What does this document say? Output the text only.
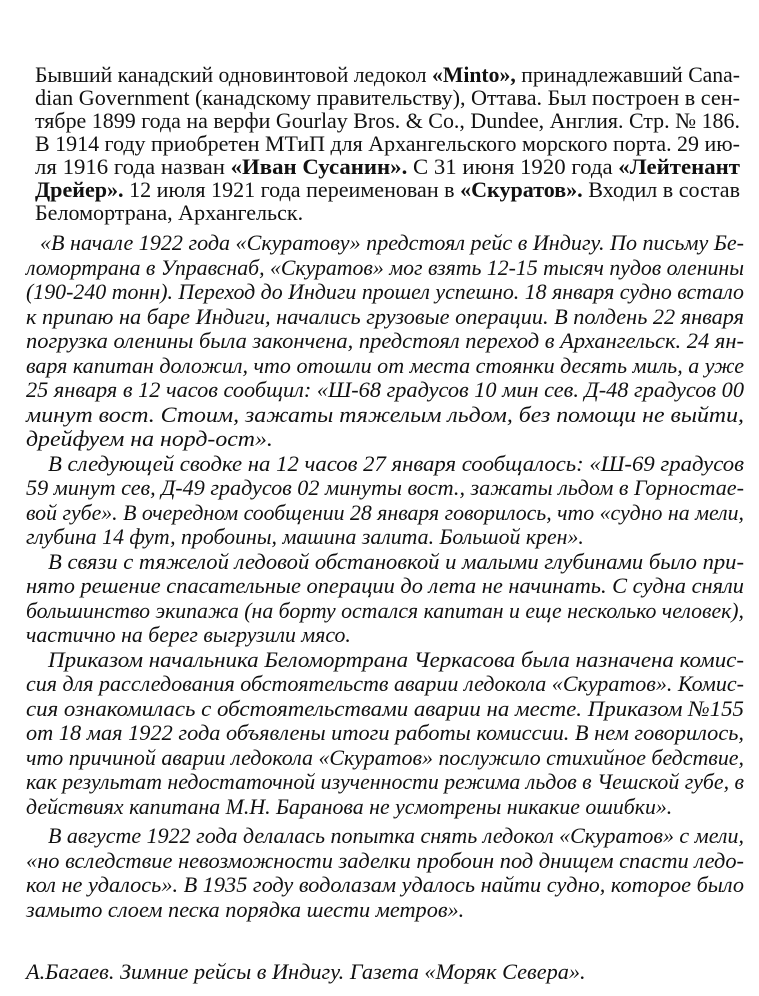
Бывший канадский одновинтовой ледокол «Minto», принадлежавший Cana-
dian Government (канадскому правительству), Оттава. Был построен в сен-
тябре 1899 года на верфи Gourlay Bros. & Co., Dundee, Англия. Стр. № 186.
В 1914 году приобретен МТиП для Архангельского морского порта. 29 ию-
ля 1916 года назван «Иван Сусанин». С 31 июня 1920 года «Лейтенант
Дрейер». 12 июля 1921 года переименован в «Скуратов». Входил в состав
Беломортрана, Архангельск.
«В начале 1922 года «Скуратову» предстоял рейс в Индигу. По письму Бе-
ломортрана в Управснаб, «Скуратов» мог взять 12-15 тысяч пудов оленины
(190-240 тонн). Переход до Индиги прошел успешно. 18 января судно встало
к припаю на баре Индиги, начались грузовые операции. В полдень 22 января
погрузка оленины была закончена, предстоял переход в Архангельск. 24 ян-
варя капитан доложил, что отошли от места стоянки десять миль, а уже
25 января в 12 часов сообщил: «Ш-68 градусов 10 мин сев. Д-48 градусов 00
минут вост. Стоим, зажаты тяжелым льдом, без помощи не выйти,
дрейфуем на норд-ост».
В следующей сводке на 12 часов 27 января сообщалось: «Ш-69 градусов
59 минут сев, Д-49 градусов 02 минуты вост., зажаты льдом в Горностае-
вой губе». В очередном сообщении 28 января говорилось, что «судно на мели,
глубина 14 фут, пробоины, машина залита. Большой крен».
В связи с тяжелой ледовой обстановкой и малыми глубинами было при-
нято решение спасательные операции до лета не начинать. С судна сняли
большинство экипажа (на борту остался капитан и еще несколько человек),
частично на берег выгрузили мясо.
Приказом начальника Беломортрана Черкасова была назначена комис-
сия для расследования обстоятельств аварии ледокола «Скуратов». Комис-
сия ознакомилась с обстоятельствами аварии на месте. Приказом №155
от 18 мая 1922 года объявлены итоги работы комиссии. В нем говорилось,
что причиной аварии ледокола «Скуратов» послужило стихийное бедствие,
как результат недостаточной изученности режима льдов в Чешской губе, в
действиях капитана М.Н. Баранова не усмотрены никакие ошибки».
В августе 1922 года делалась попытка снять ледокол «Скуратов» с мели,
«но вследствие невозможности заделки пробоин под днищем спасти ледо-
кол не удалось». В 1935 году водолазам удалось найти судно, которое было
замыто слоем песка порядка шести метров».
А.Багаев. Зимние рейсы в Индигу. Газета «Моряк Севера».
